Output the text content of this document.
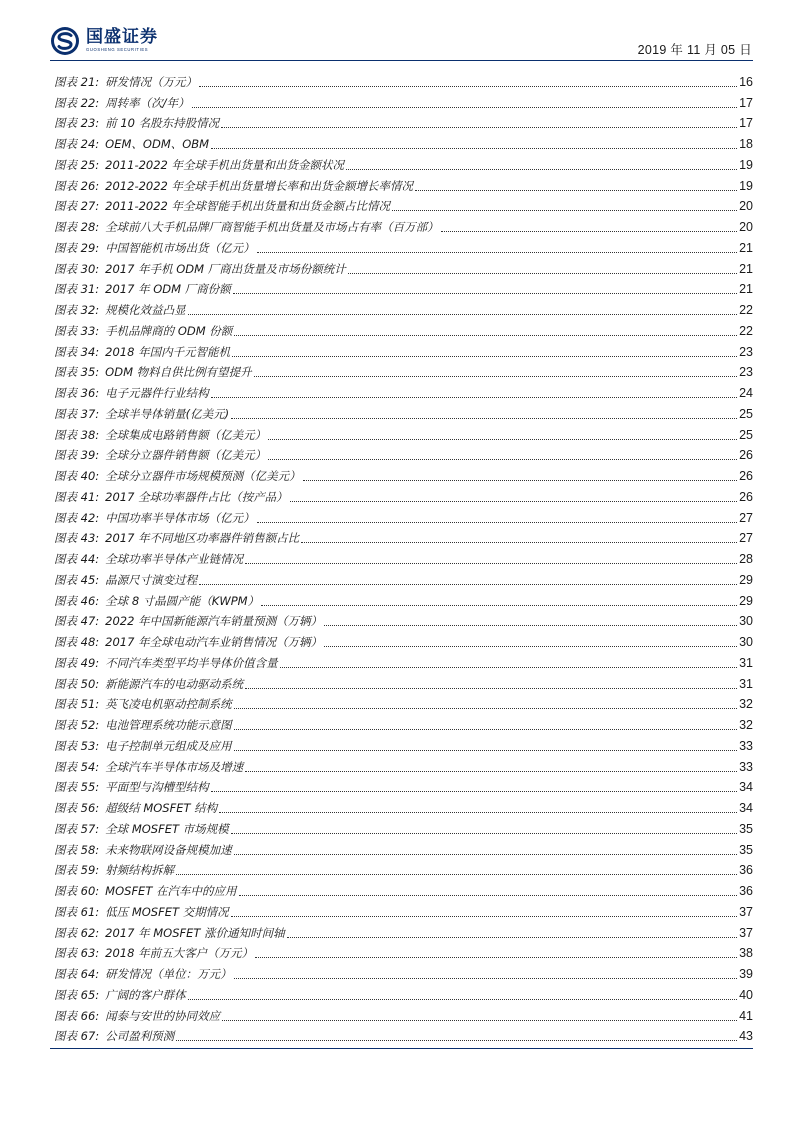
国盛证券
GUOSHENG SECURITIES	2019 年 11 月 05 日
图表 21: 研发情况（万元）	16
图表 22: 周转率（次/年）	17
图表 23: 前 10 名股东持股情况	17
图表 24: OEM、ODM、OBM	18
图表 25: 2011-2022 年全球手机出货量和出货金额状况	19
图表 26: 2012-2022 年全球手机出货量增长率和出货金额增长率情况	19
图表 27: 2011-2022 年全球智能手机出货量和出货金额占比情况	20
图表 28: 全球前八大手机品牌厂商智能手机出货量及市场占有率（百万部）	20
图表 29: 中国智能机市场出货（亿元）	21
图表 30: 2017 年手机 ODM 厂商出货量及市场份额统计	21
图表 31: 2017 年 ODM 厂商份额	21
图表 32: 规模化效益凸显	22
图表 33: 手机品牌商的 ODM 份额	22
图表 34: 2018 年国内千元智能机	23
图表 35: ODM 物料自供比例有望提升	23
图表 36: 电子元器件行业结构	24
图表 37: 全球半导体销量(亿美元)	25
图表 38: 全球集成电路销售额（亿美元）	25
图表 39: 全球分立器件销售额（亿美元）	26
图表 40: 全球分立器件市场规模预测（亿美元）	26
图表 41: 2017 全球功率器件占比（按产品）	26
图表 42: 中国功率半导体市场（亿元）	27
图表 43: 2017 年不同地区功率器件销售额占比	27
图表 44: 全球功率半导体产业链情况	28
图表 45: 晶源尺寸演变过程	29
图表 46: 全球 8 寸晶圆产能（KWPM）	29
图表 47: 2022 年中国新能源汽车销量预测（万辆）	30
图表 48: 2017 年全球电动汽车业销售情况（万辆）	30
图表 49: 不同汽车类型平均半导体价值含量	31
图表 50: 新能源汽车的电动驱动系统	31
图表 51: 英飞凌电机驱动控制系统	32
图表 52: 电池管理系统功能示意图	32
图表 53: 电子控制单元组成及应用	33
图表 54: 全球汽车半导体市场及增速	33
图表 55: 平面型与沟槽型结构	34
图表 56: 超级结 MOSFET 结构	34
图表 57: 全球 MOSFET 市场规模	35
图表 58: 未来物联网设备规模加速	35
图表 59: 射频结构拆解	36
图表 60: MOSFET 在汽车中的应用	36
图表 61: 低压 MOSFET 交期情况	37
图表 62: 2017 年 MOSFET 涨价通知时间轴	37
图表 63: 2018 年前五大客户（万元）	38
图表 64: 研发情况（单位：万元）	39
图表 65: 广阔的客户群体	40
图表 66: 闻泰与安世的协同效应	41
图表 67: 公司盈利预测	43
